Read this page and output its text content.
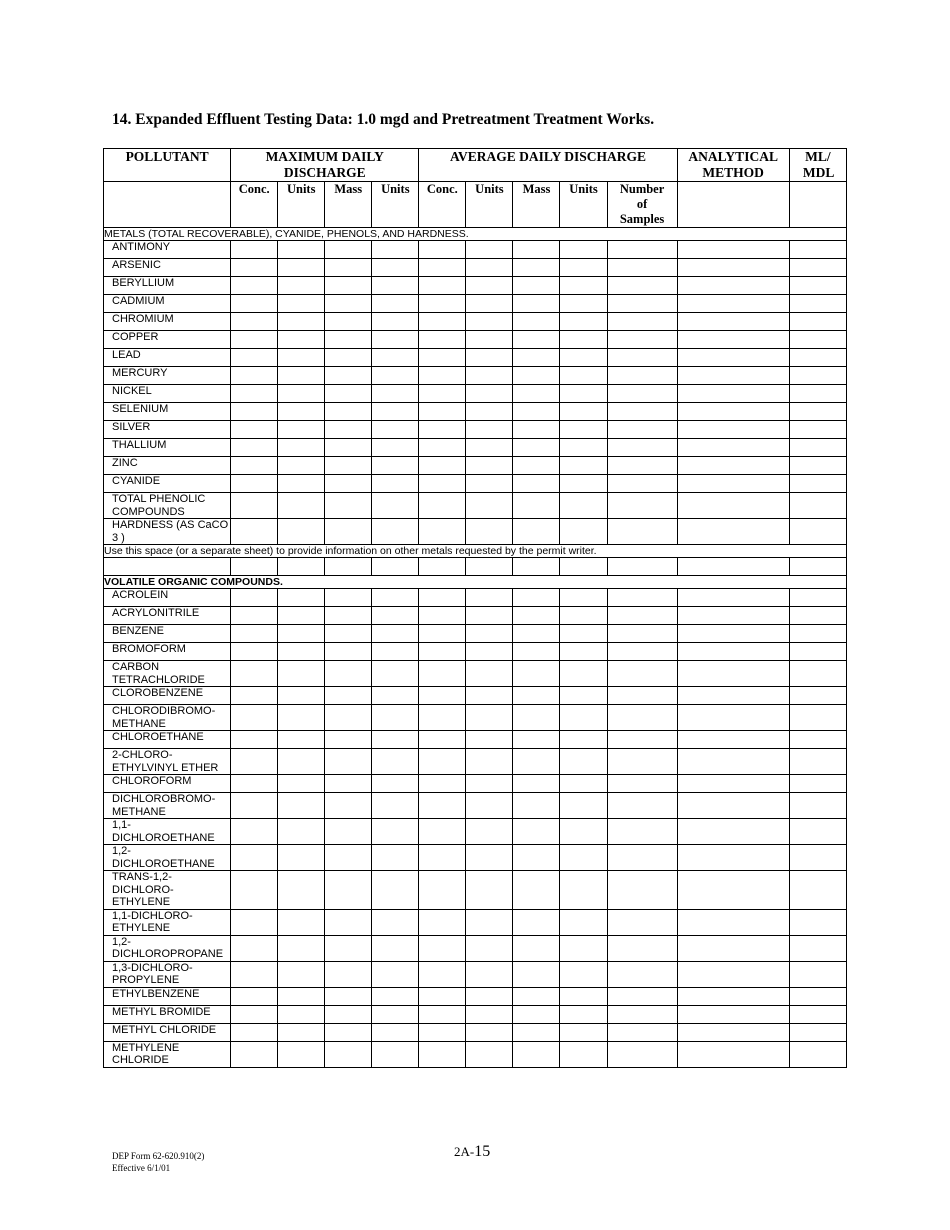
14. Expanded Effluent Testing Data: 1.0 mgd and Pretreatment Treatment Works.
POLLUTANT	MAXIMUM DAILY DISCHARGE				AVERAGE DAILY DISCHARGE					ANALYTICAL METHOD	ML/ MDL

	Conc.	Units	Mass	Units	Conc.	Units	Mass	Units	Number of Samples		

METALS (TOTAL RECOVERABLE), CYANIDE, PHENOLS, AND HARDNESS.											
ANTIMONY											
ARSENIC											
BERYLLIUM											
CADMIUM											
CHROMIUM											
COPPER											
LEAD											
MERCURY											
NICKEL											
SELENIUM											
SILVER											
THALLIUM											
ZINC											
CYANIDE											
TOTAL PHENOLIC COMPOUNDS											
HARDNESS (AS CaCO 3 )											
Use this space (or a separate sheet) to provide information on other metals requested by the permit writer.											

VOLATILE ORGANIC COMPOUNDS.											
ACROLEIN											
ACRYLONITRILE											
BENZENE											
BROMOFORM											
CARBON TETRACHLORIDE											
CLOROBENZENE											
CHLORODIBROMO-METHANE											
CHLOROETHANE											
2-CHLORO-ETHYLVINYL ETHER											
CHLOROFORM											
DICHLOROBROMO-METHANE											
1,1-DICHLOROETHANE											
1,2-DICHLOROETHANE											
TRANS-1,2-DICHLORO-ETHYLENE											
1,1-DICHLORO-ETHYLENE											
1,2-DICHLOROPROPANE											
1,3-DICHLORO-PROPYLENE											
ETHYLBENZENE											
METHYL BROMIDE											
METHYL CHLORIDE											
METHYLENE CHLORIDE											
DEP Form 62-620.910(2)
Effective 6/1/01
2A-15
